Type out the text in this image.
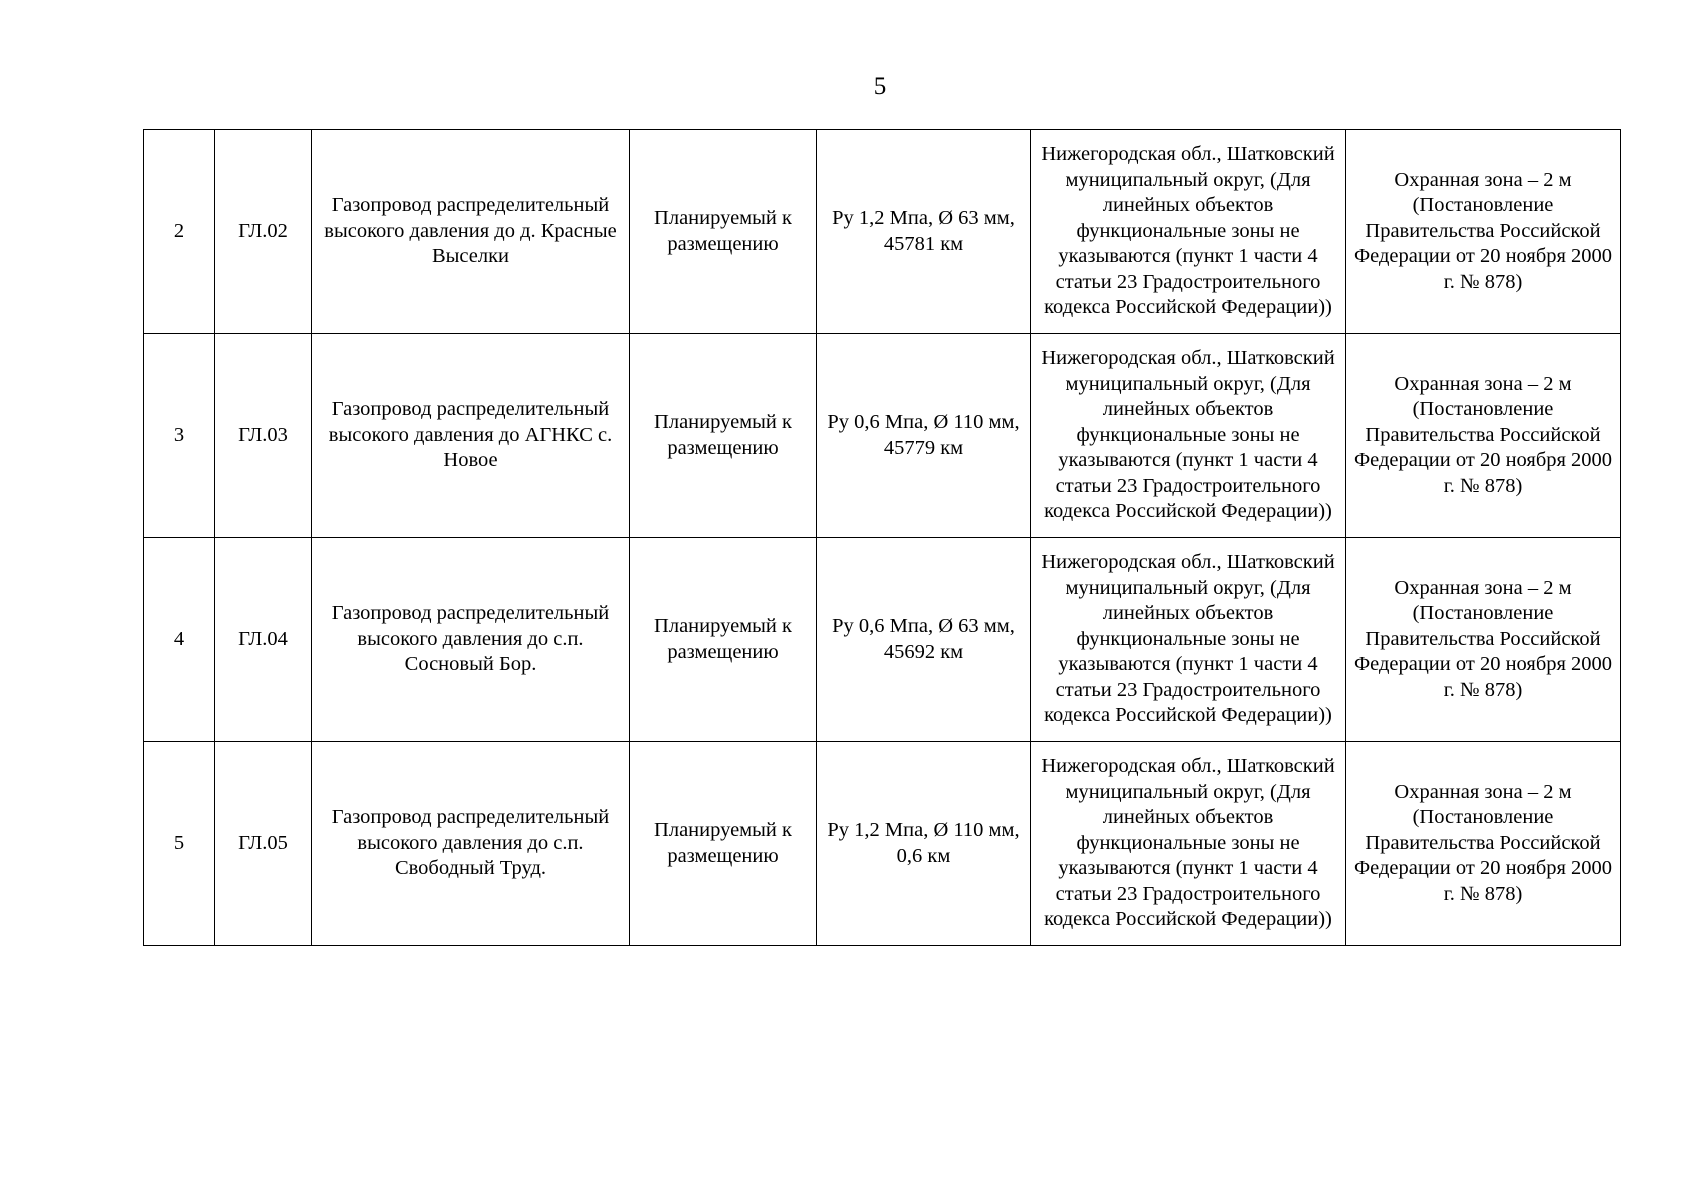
5
2	ГЛ.02	Газопровод распределительный высокого давления до д. Красные Выселки	Планируемый к размещению	Ру 1,2 Мпа, Ø 63 мм, 45781 км	Нижегородская обл., Шатковский муниципальный округ, (Для линейных объектов функциональные зоны не указываются (пункт 1 части 4 статьи 23 Градостроительного кодекса Российской Федерации))	Охранная зона – 2 м (Постановление Правительства Российской Федерации от 20 ноября 2000 г. № 878)
3	ГЛ.03	Газопровод распределительный высокого давления до АГНКС с. Новое	Планируемый к размещению	Ру 0,6 Мпа, Ø 110 мм, 45779 км	Нижегородская обл., Шатковский муниципальный округ, (Для линейных объектов функциональные зоны не указываются (пункт 1 части 4 статьи 23 Градостроительного кодекса Российской Федерации))	Охранная зона – 2 м (Постановление Правительства Российской Федерации от 20 ноября 2000 г. № 878)
4	ГЛ.04	Газопровод распределительный высокого давления до с.п. Сосновый Бор.	Планируемый к размещению	Ру 0,6 Мпа, Ø 63 мм, 45692 км	Нижегородская обл., Шатковский муниципальный округ, (Для линейных объектов функциональные зоны не указываются (пункт 1 части 4 статьи 23 Градостроительного кодекса Российской Федерации))	Охранная зона – 2 м (Постановление Правительства Российской Федерации от 20 ноября 2000 г. № 878)
5	ГЛ.05	Газопровод распределительный высокого давления до с.п. Свободный Труд.	Планируемый к размещению	Ру 1,2 Мпа, Ø 110 мм, 0,6 км	Нижегородская обл., Шатковский муниципальный округ, (Для линейных объектов функциональные зоны не указываются (пункт 1 части 4 статьи 23 Градостроительного кодекса Российской Федерации))	Охранная зона – 2 м (Постановление Правительства Российской Федерации от 20 ноября 2000 г. № 878)
